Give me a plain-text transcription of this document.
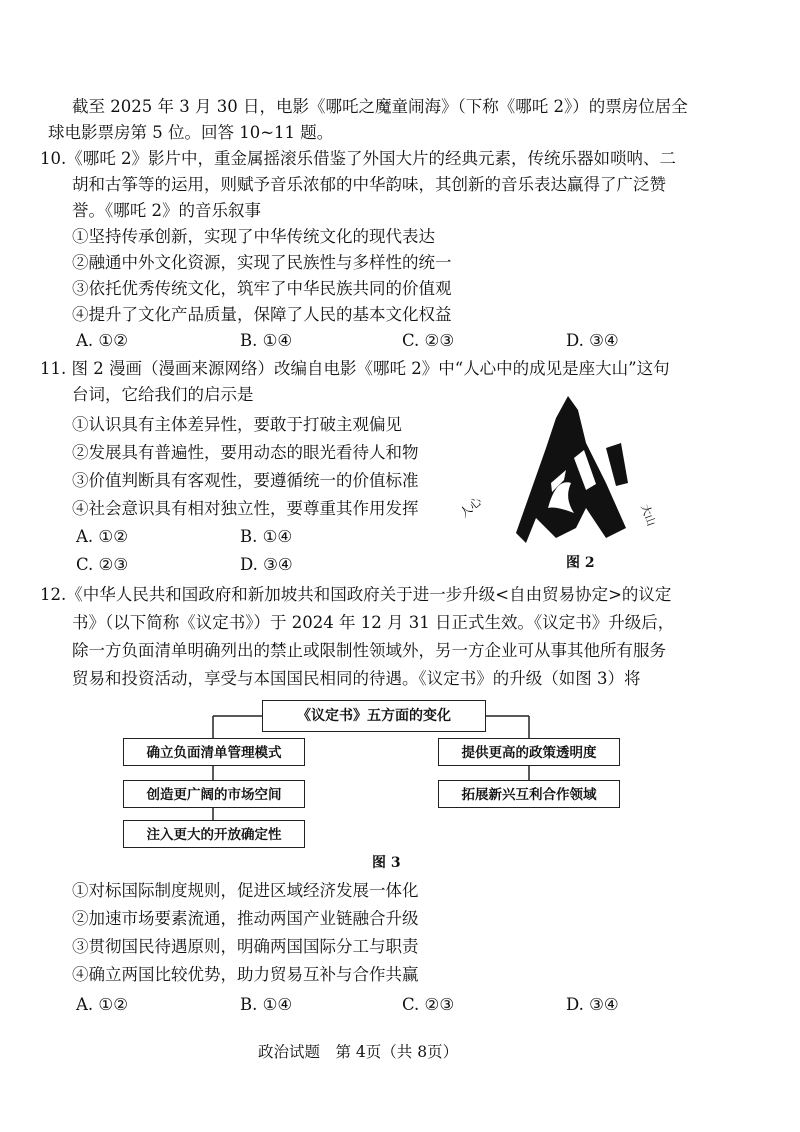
截至 2025 年 3 月 30 日，电影《哪吒之魔童闹海》（下称《哪吒 2》）的票房位居全
球电影票房第 5 位。回答 10~11 题。
10.《哪吒 2》影片中，重金属摇滚乐借鉴了外国大片的经典元素，传统乐器如唢呐、二
胡和古筝等的运用，则赋予音乐浓郁的中华韵味，其创新的音乐表达赢得了广泛赞
誉。《哪吒 2》的音乐叙事
①坚持传承创新，实现了中华传统文化的现代表达
②融通中外文化资源，实现了民族性与多样性的统一
③依托优秀传统文化，筑牢了中华民族共同的价值观
④提升了文化产品质量，保障了人民的基本文化权益
A. ①②	B. ①④	C. ②③	D. ③④
11. 图 2 漫画（漫画来源网络）改编自电影《哪吒 2》中“人心中的成见是座大山”这句
台词，它给我们的启示是
①认识具有主体差异性，要敢于打破主观偏见
②发展具有普遍性，要用动态的眼光看待人和物
③价值判断具有客观性，要遵循统一的价值标准
④社会意识具有相对独立性，要尊重其作用发挥
A. ①②	B. ①④
C. ②③	D. ③④
人心	大山
图 2
12.《中华人民共和国政府和新加坡共和国政府关于进一步升级<自由贸易协定>的议定
书》（以下简称《议定书》）于 2024 年 12 月 31 日正式生效。《议定书》升级后，
除一方负面清单明确列出的禁止或限制性领域外，另一方企业可从事其他所有服务
贸易和投资活动，享受与本国国民相同的待遇。《议定书》的升级（如图 3）将
《议定书》五方面的变化
确立负面清单管理模式
创造更广阔的市场空间
注入更大的开放确定性
提供更高的政策透明度
拓展新兴互利合作领域
图 3
①对标国际制度规则，促进区域经济发展一体化
②加速市场要素流通，推动两国产业链融合升级
③贯彻国民待遇原则，明确两国国际分工与职责
④确立两国比较优势，助力贸易互补与合作共赢
A. ①②	B. ①④	C. ②③	D. ③④
政治试题　第 4页（共 8页）
